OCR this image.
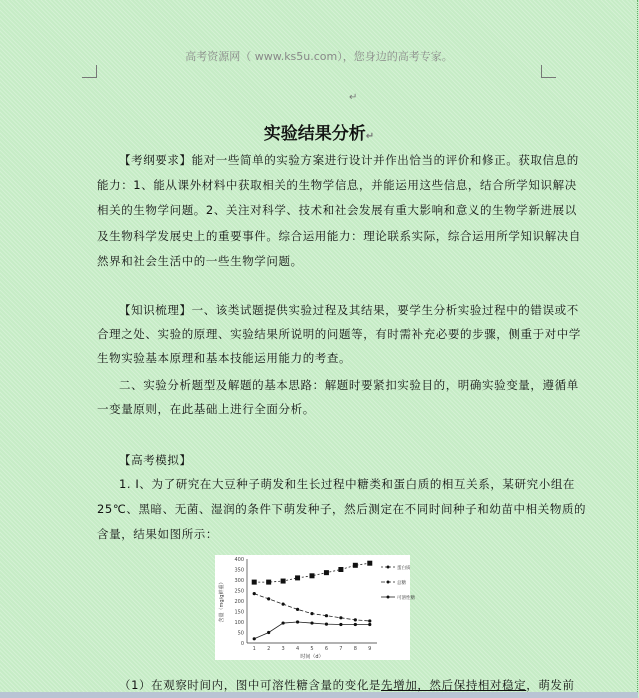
高考资源网（ www.ks5u.com），您身边的高考专家。
↵
实验结果分析↵
【考纲要求】能对一些简单的实验方案进行设计并作出恰当的评价和修正。获取信息的
能力：1、能从课外材料中获取相关的生物学信息，并能运用这些信息，结合所学知识解决
相关的生物学问题。2、关注对科学、技术和社会发展有重大影响和意义的生物学新进展以
及生物科学发展史上的重要事件。综合运用能力：理论联系实际，综合运用所学知识解决自
然界和社会生活中的一些生物学问题。
【知识梳理】一、该类试题提供实验过程及其结果，要学生分析实验过程中的错误或不
合理之处、实验的原理、实验结果所说明的问题等，有时需补充必要的步骤，侧重于对中学
生物实验基本原理和基本技能运用能力的考查。
二、实验分析题型及解题的基本思路：解题时要紧扣实验目的，明确实验变量，遵循单
一变量原则，在此基础上进行全面分析。
【高考模拟】
1. Ⅰ、为了研究在大豆种子萌发和生长过程中糖类和蛋白质的相互关系，某研究小组在
25℃、黑暗、无菌、湿润的条件下萌发种子，然后测定在不同时间种子和幼苗中相关物质的
含量，结果如图所示：
0
50
100
150
200
250
300
350
400
1 2 3 4 5 6 7 8 9
时间（d）
含量（mg/g鲜重）
蛋白质
总糖
可溶性糖
（1）在观察时间内，图中可溶性糖含量的变化是先增加，然后保持相对稳定，萌发前
